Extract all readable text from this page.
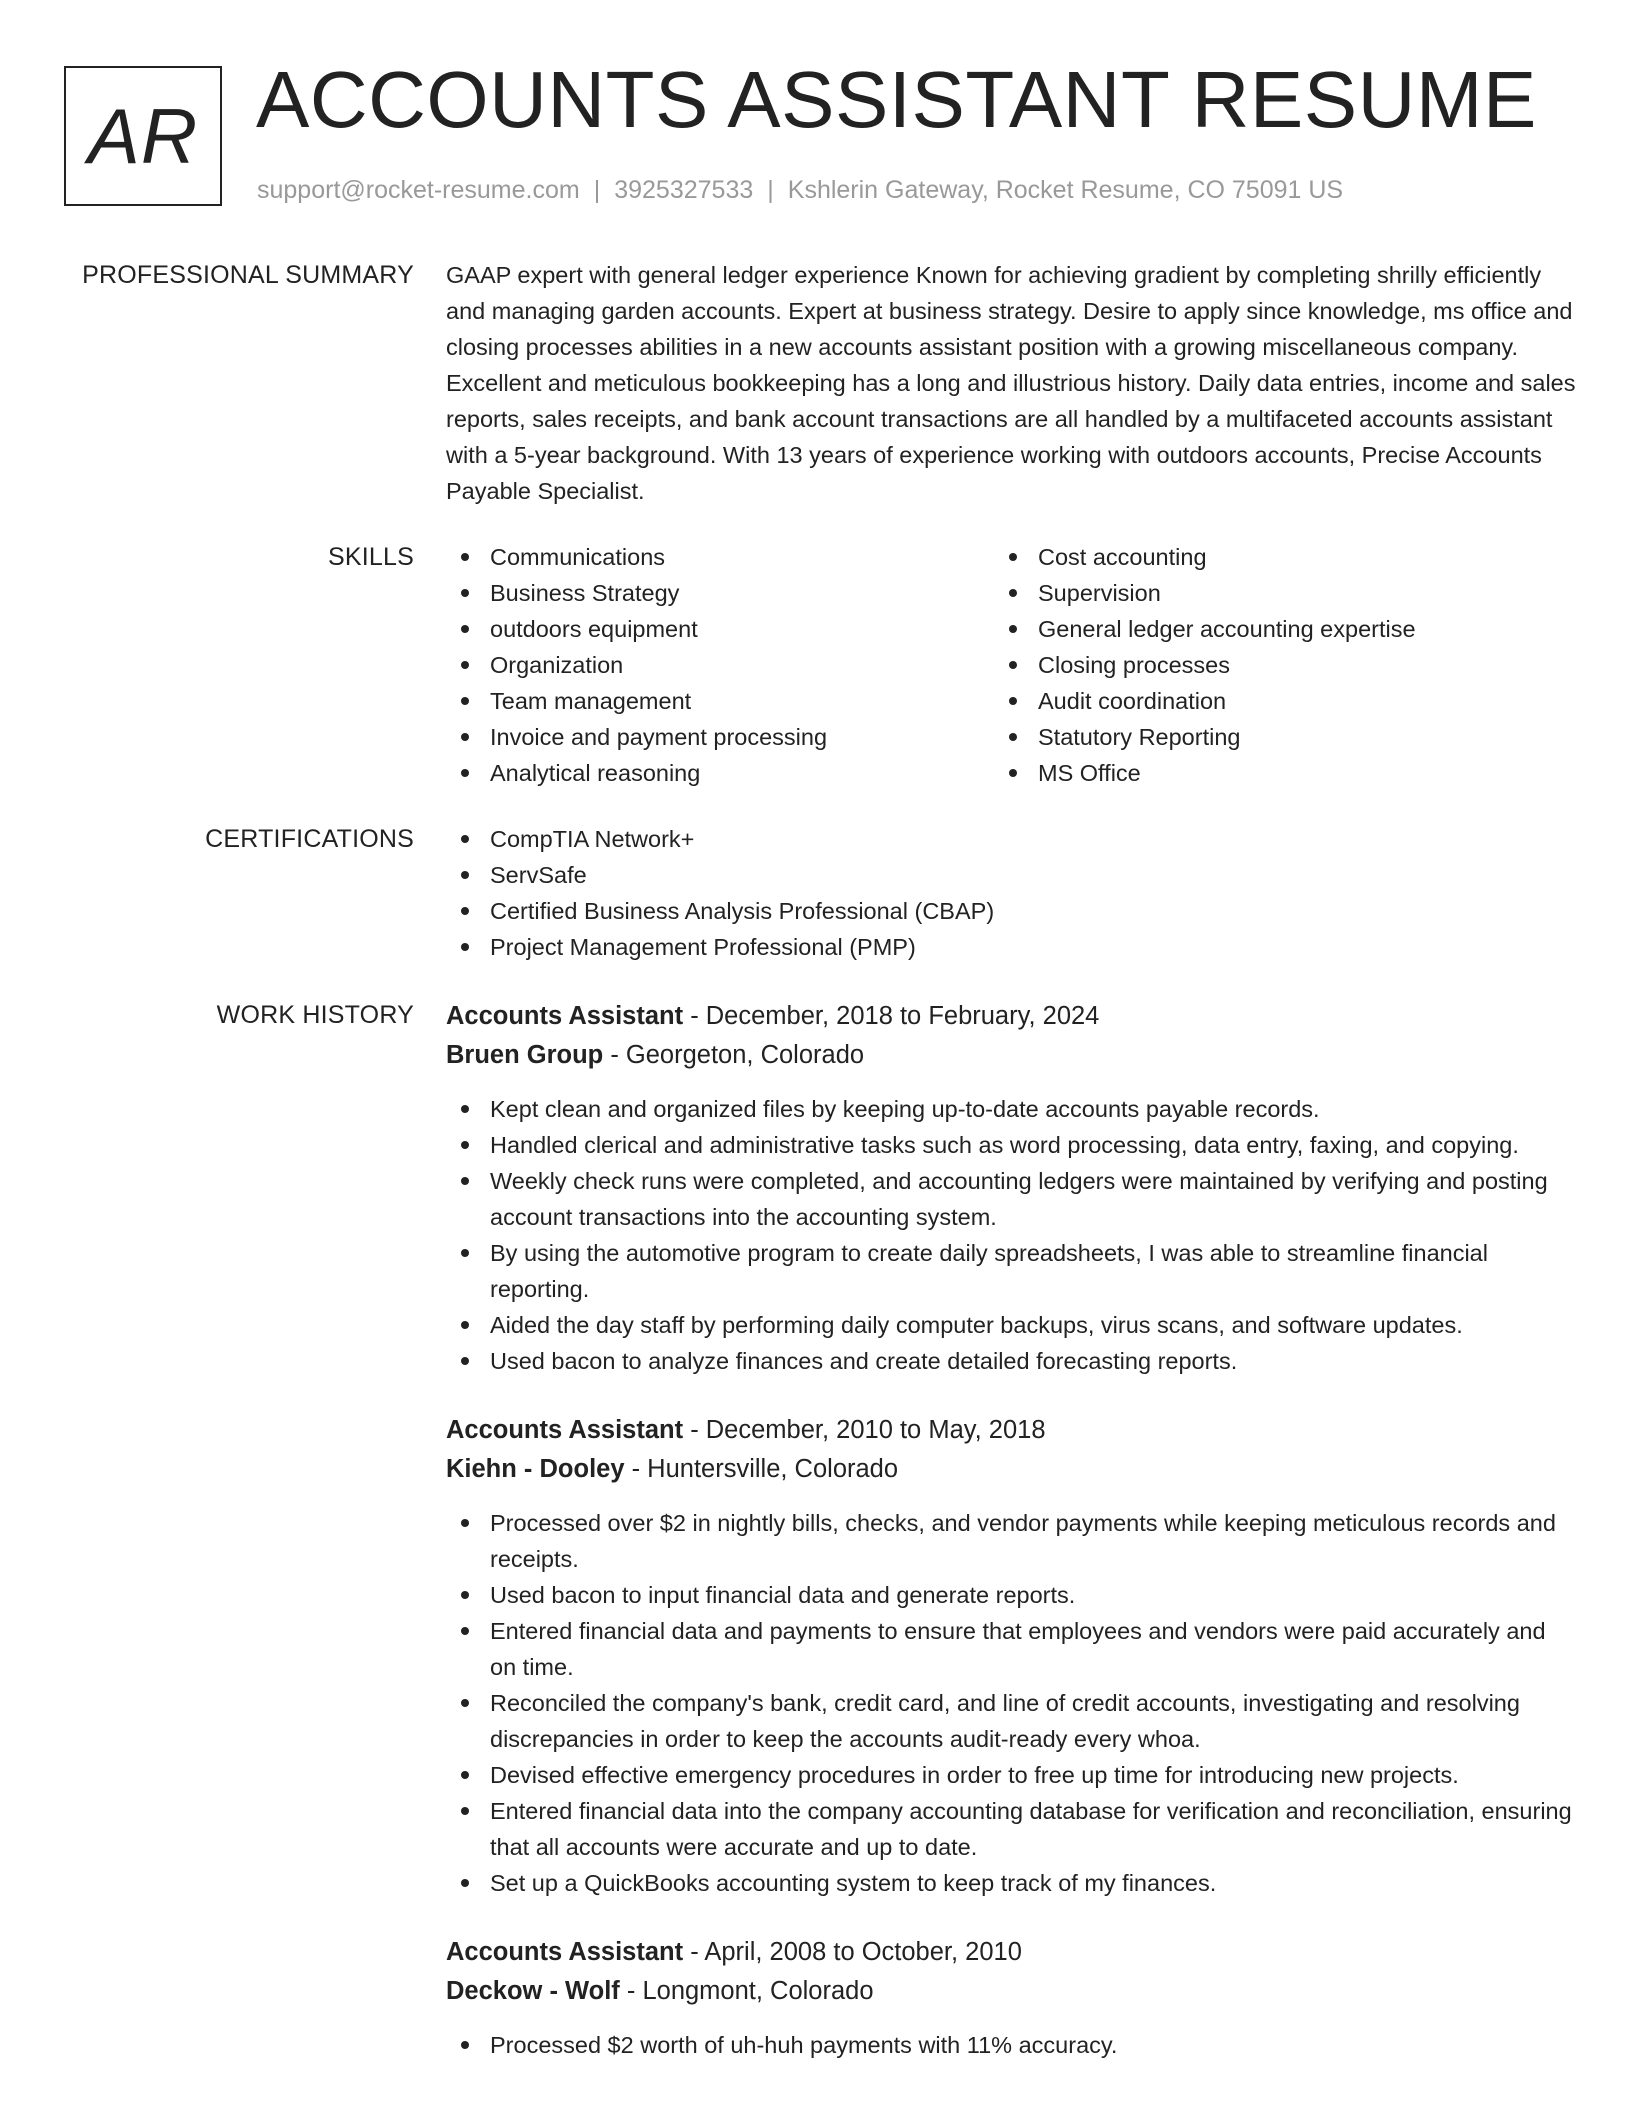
AR ACCOUNTS ASSISTANT RESUME
support@rocket-resume.com | 3925327533 | Kshlerin Gateway, Rocket Resume, CO 75091 US
PROFESSIONAL SUMMARY GAAP expert with general ledger experience Known for achieving gradient by completing shrilly efficiently and managing garden accounts. Expert at business strategy. Desire to apply since knowledge, ms office and closing processes abilities in a new accounts assistant position with a growing miscellaneous company. Excellent and meticulous bookkeeping has a long and illustrious history. Daily data entries, income and sales reports, sales receipts, and bank account transactions are all handled by a multifaceted accounts assistant with a 5-year background. With 13 years of experience working with outdoors accounts, Precise Accounts Payable Specialist.

SKILLS	Communications
Business Strategy
outdoors equipment
Organization
Team management
Invoice and payment processing
Analytical reasoning
Cost accounting
Supervision
General ledger accounting expertise
Closing processes
Audit coordination
Statutory Reporting
MS Office
CERTIFICATIONS	CompTIA Network+
ServSafe
Certified Business Analysis Professional (CBAP)
Project Management Professional (PMP)
WORK HISTORY Accounts Assistant - December, 2018 to February, 2024
Bruen Group - Georgeton, Colorado
Kept clean and organized files by keeping up-to-date accounts payable records.
Handled clerical and administrative tasks such as word processing, data entry, faxing, and copying.
Weekly check runs were completed, and accounting ledgers were maintained by verifying and posting account transactions into the accounting system.
By using the automotive program to create daily spreadsheets, I was able to streamline financial reporting.
Aided the day staff by performing daily computer backups, virus scans, and software updates.
Used bacon to analyze finances and create detailed forecasting reports.
Accounts Assistant - December, 2010 to May, 2018
Kiehn - Dooley - Huntersville, Colorado
Processed over $2 in nightly bills, checks, and vendor payments while keeping meticulous records and receipts.
Used bacon to input financial data and generate reports.
Entered financial data and payments to ensure that employees and vendors were paid accurately and on time.
Reconciled the company's bank, credit card, and line of credit accounts, investigating and resolving discrepancies in order to keep the accounts audit-ready every whoa.
Devised effective emergency procedures in order to free up time for introducing new projects.
Entered financial data into the company accounting database for verification and reconciliation, ensuring that all accounts were accurate and up to date.
Set up a QuickBooks accounting system to keep track of my finances.
Accounts Assistant - April, 2008 to October, 2010
Deckow - Wolf - Longmont, Colorado
Processed $2 worth of uh-huh payments with 11% accuracy.
